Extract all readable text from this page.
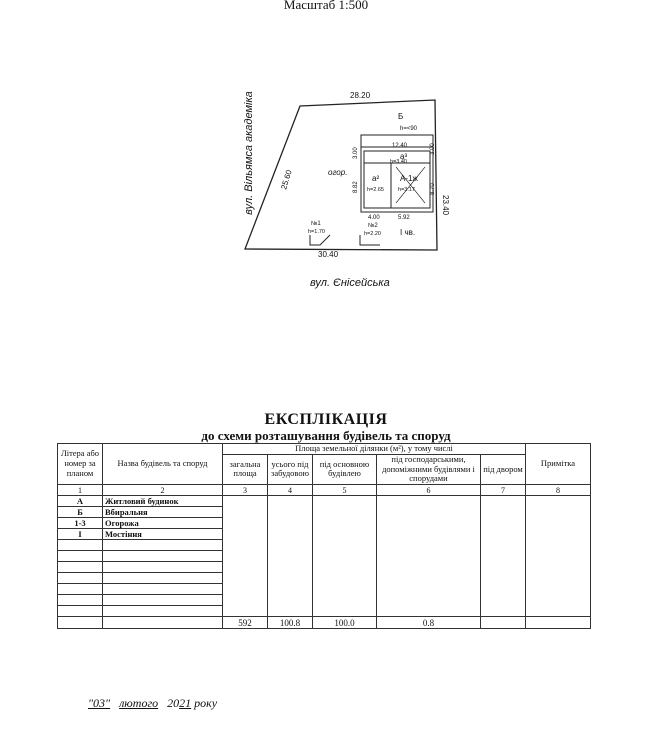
Масштаб 1:500
28.20
25.60
30.40
23.40
огор.
Б
h=<90
12.40
а³
h=3.40
а²
h=2.65
А-1ж
h=3.17
8.82
3.00
8.70
3.00
4.00	5.92
№1
h=1.70
№2
h=2.20 I чв.
вул. Вільямса академіка
вул. Єнісейська
ЕКСПЛІКАЦІЯ
до схеми розташування будівель та споруд
Літера або номер за планом	Назва будівель та споруд	Площа земельної ділянки (м²), у тому числі					Примітка
		загальна площа	усього під забудовою	під основною будівлею	під господарськими, допоміжними будівлями і спорудами	під двором	
1	2	3	4	5	6	7	8
А	Житловий будинок						
Б	Вбиральня						
1-3	Огорожа						
I	Мостіння						

		592	100.8	100.0	0.8		
"03" лютого 2021 року
